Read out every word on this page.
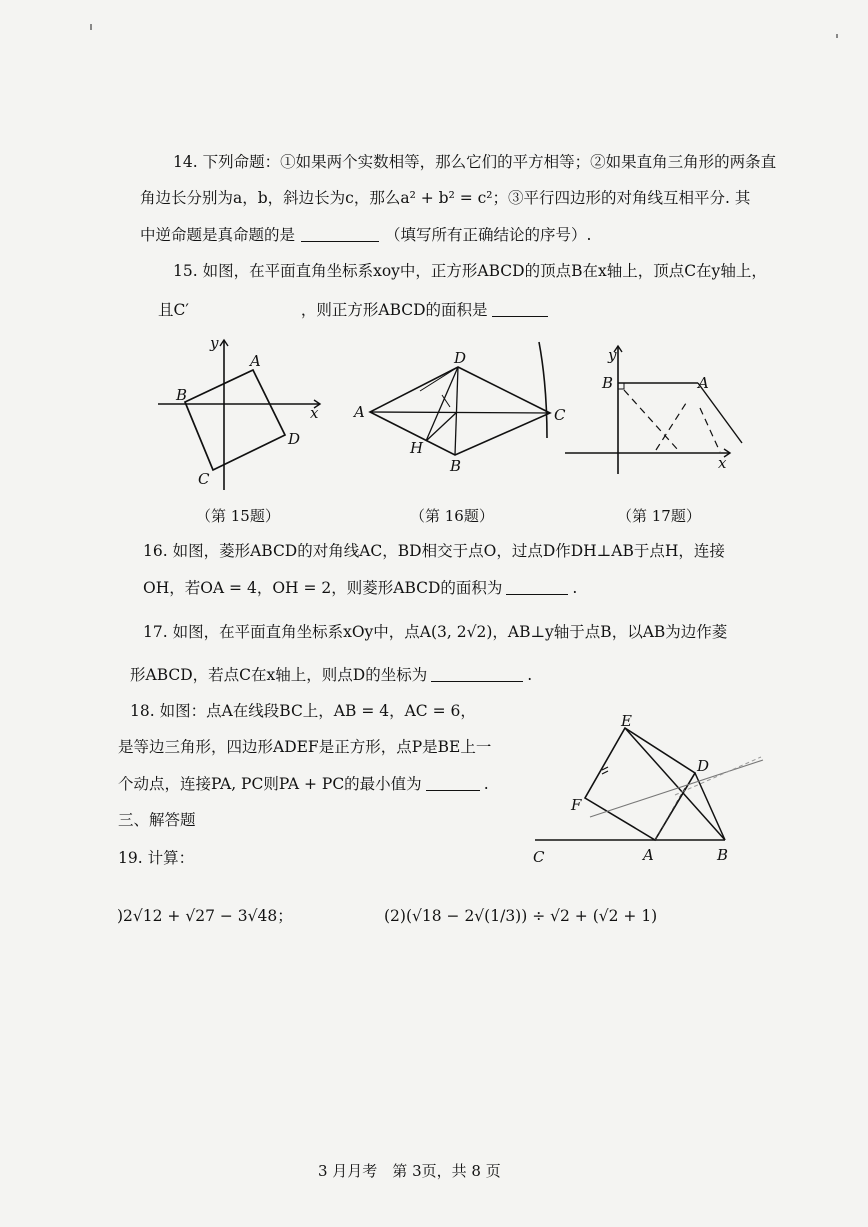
14. 下列命题：①如果两个实数相等，那么它们的平方相等；②如果直角三角形的两条直
角边长分别为a，b，斜边长为c，那么a² + b² = c²；③平行四边形的对角线互相平分. 其
中逆命题是真命题的是	（填写所有正确结论的序号）.
15. 如图，在平面直角坐标系xoy中，正方形ABCD的顶点B在x轴上，顶点C在y轴上，
且C′	，则正方形ABCD的面积是
y
x
A
B
C
D
A
B
C
D
H
y
x
A
B
（第 15题）	（第 16题）	（第 17题）
16. 如图，菱形ABCD的对角线AC，BD相交于点O，过点D作DH⊥AB于点H，连接
OH，若OA = 4，OH = 2，则菱形ABCD的面积为	.
17. 如图，在平面直角坐标系xOy中，点A(3, 2√2)，AB⊥y轴于点B，以AB为边作菱
形ABCD，若点C在x轴上，则点D的坐标为	.
18. 如图：点A在线段BC上，AB = 4，AC = 6，
是等边三角形，四边形ADEF是正方形，点P是BE上一
个动点，连接PA, PC则PA + PC的最小值为	.
E
D
F
C	A	B
三、解答题
19. 计算：
)2√12 + √27 − 3√48；	(2)(√18 − 2√(1/3)) ÷ √2 + (√2 + 1)
3 月月考　第 3页，共 8 页
